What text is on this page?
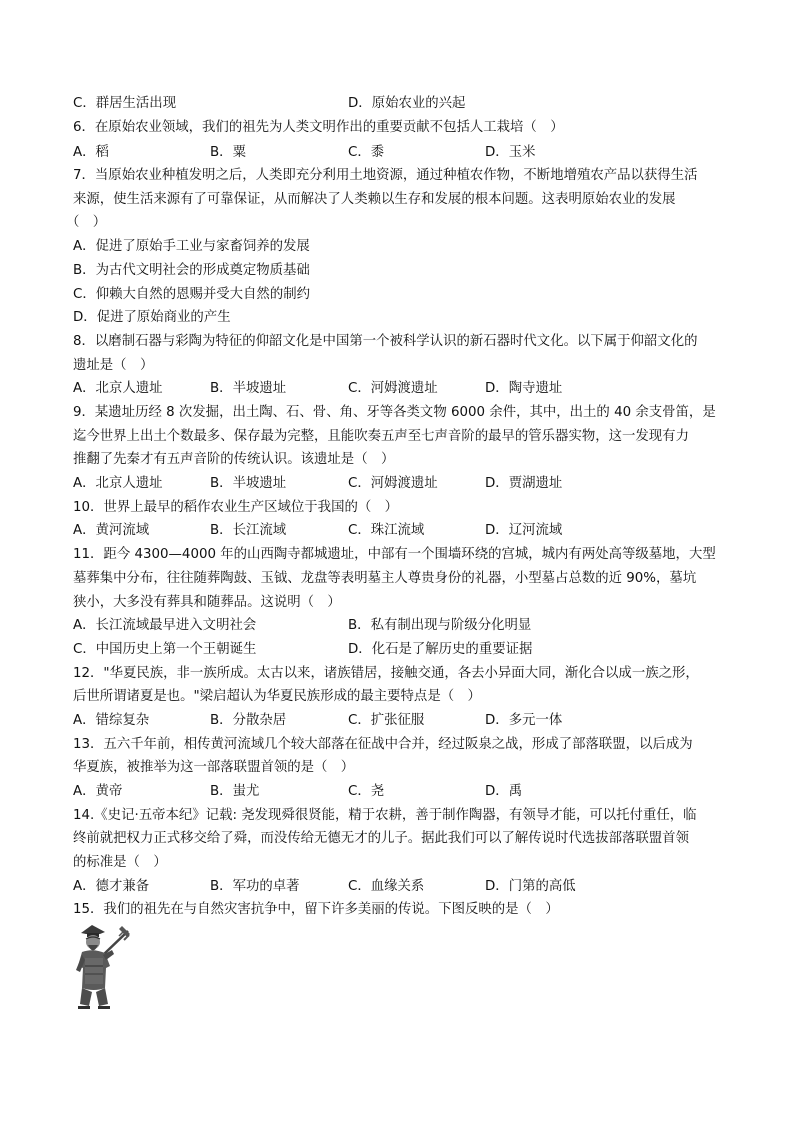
C．群居生活出现	D．原始农业的兴起
6．在原始农业领域，我们的祖先为人类文明作出的重要贡献不包括人工栽培（　）
A．稻	B．粟	C．黍	D．玉米
7．当原始农业种植发明之后，人类即充分利用土地资源，通过种植农作物，不断地增殖农产品以获得生活
来源，使生活来源有了可靠保证，从而解决了人类赖以生存和发展的根本问题。这表明原始农业的发展
（　）
A．促进了原始手工业与家畜饲养的发展
B．为古代文明社会的形成奠定物质基础
C．仰赖大自然的恩赐并受大自然的制约
D．促进了原始商业的产生
8．以磨制石器与彩陶为特征的仰韶文化是中国第一个被科学认识的新石器时代文化。以下属于仰韶文化的
遗址是（　）
A．北京人遗址	B．半坡遗址	C．河姆渡遗址	D．陶寺遗址
9．某遗址历经 8 次发掘，出土陶、石、骨、角、牙等各类文物 6000 余件，其中，出土的 40 余支骨笛，是
迄今世界上出土个数最多、保存最为完整，且能吹奏五声至七声音阶的最早的管乐器实物，这一发现有力
推翻了先秦才有五声音阶的传统认识。该遗址是（　）
A．北京人遗址	B．半坡遗址	C．河姆渡遗址	D．贾湖遗址
10．世界上最早的稻作农业生产区域位于我国的（　）
A．黄河流域	B．长江流域	C．珠江流域	D．辽河流域
11．距今 4300—4000 年的山西陶寺都城遗址，中部有一个围墙环绕的宫城，城内有两处高等级墓地，大型
墓葬集中分布，往往随葬陶鼓、玉钺、龙盘等表明墓主人尊贵身份的礼器，小型墓占总数的近 90%，墓坑
狭小，大多没有葬具和随葬品。这说明（　）
A．长江流域最早进入文明社会	B．私有制出现与阶级分化明显
C．中国历史上第一个王朝诞生	D．化石是了解历史的重要证据
12．"华夏民族，非一族所成。太古以来，诸族错居，接触交通，各去小异面大同，渐化合以成一族之形，
后世所谓诸夏是也。"梁启超认为华夏民族形成的最主要特点是（　）
A．错综复杂	B．分散杂居	C．扩张征服	D．多元一体
13．五六千年前，相传黄河流域几个较大部落在征战中合并，经过阪泉之战，形成了部落联盟，以后成为
华夏族，被推举为这一部落联盟首领的是（　）
A．黄帝	B．蚩尤	C．尧	D．禹
14.《史记·五帝本纪》记载: 尧发现舜很贤能，精于农耕，善于制作陶器，有领导才能，可以托付重任，临
终前就把权力正式移交给了舜，而没传给无德无才的儿子。据此我们可以了解传说时代选拔部落联盟首领
的标准是（　）
A．德才兼备	B．军功的卓著	C．血缘关系	D．门第的高低
15．我们的祖先在与自然灾害抗争中，留下许多美丽的传说。下图反映的是（　）
